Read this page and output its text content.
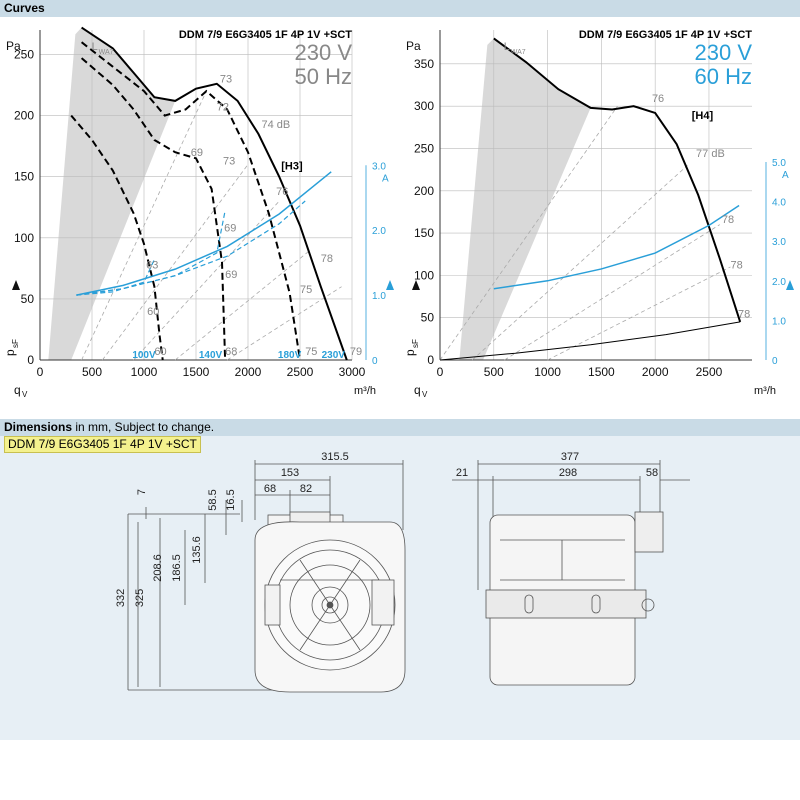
Curves
0	500 1000 1500 2000 2500 3000
0
50
100
150
200
250
0
1.0
2.0
3.0
A
73
72
74 dB
69
73
76
69
63
69
78
75
60
60	68	75	79
100V	140V	180V 230V
[H3]
DDM 7/9 E6G3405 1F 4P 1V +SCT
230 V
50 Hz
L WA7
Pa
m³/h
q V
p
sF
0	500	1000 1500 2000 2500
0
50
100
150
200
250
300
350
0
1.0
2.0
3.0
4.0
5.0
A
76
77 dB
78
78
78
[H4]
DDM 7/9 E6G3405 1F 4P 1V +SCT
230 V
60 Hz
L WA7
Pa
m³/h
q V
p
sF
Dimensions in mm, Subject to change.
DDM 7/9 E6G3405 1F 4P 1V +SCT
315.5
153
68 82
58.5 16.5
7
332 325
208.6 186.5
135.6
377
21	298	58
